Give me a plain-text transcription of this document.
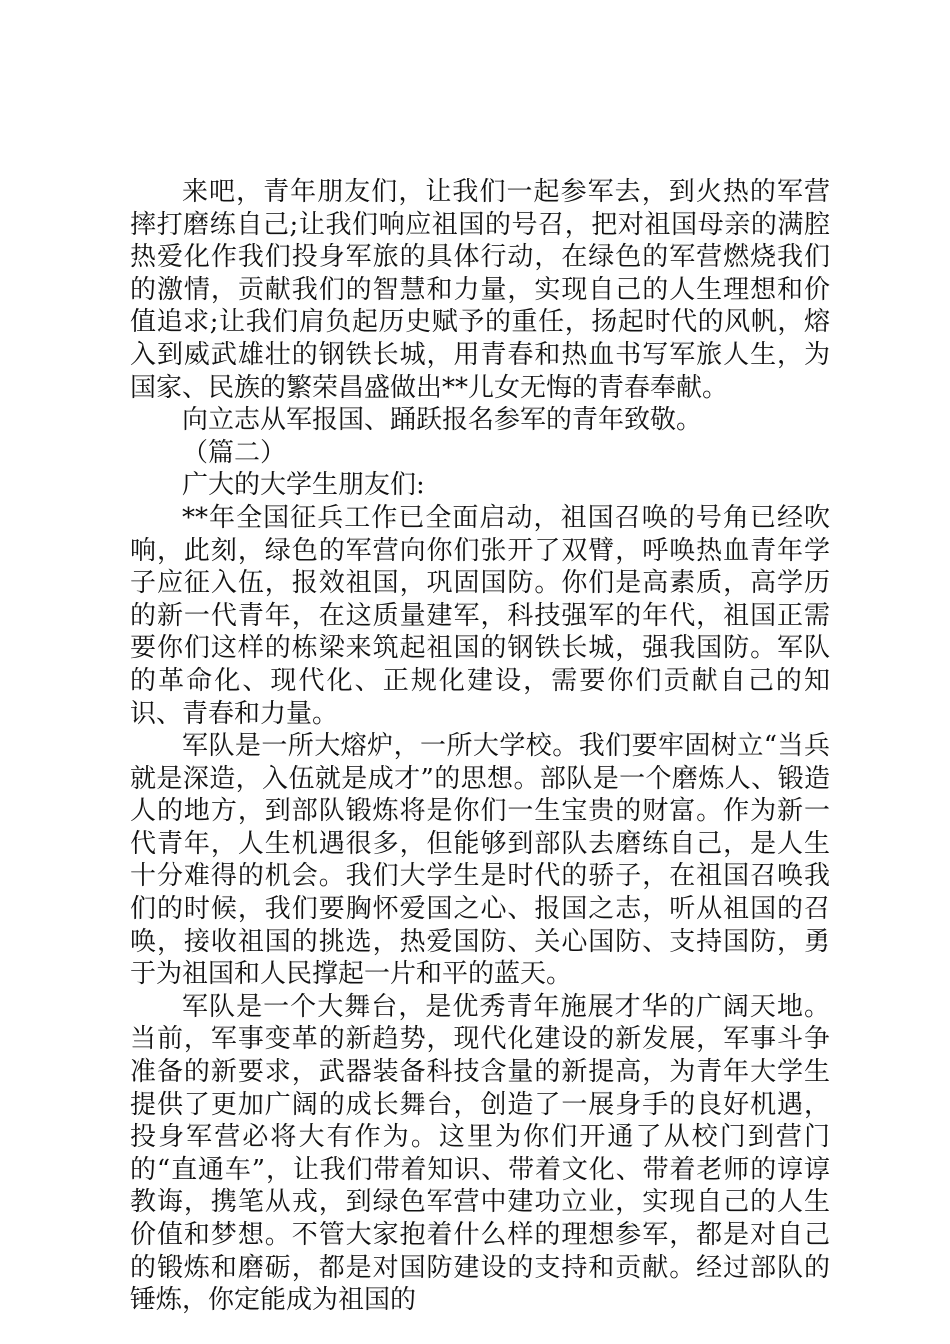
来吧，青年朋友们，让我们一起参军去，到火热的军营摔打磨练自己;让我们响应祖国的号召，把对祖国母亲的满腔热爱化作我们投身军旅的具体行动，在绿色的军营燃烧我们的激情，贡献我们的智慧和力量，实现自己的人生理想和价值追求;让我们肩负起历史赋予的重任，扬起时代的风帆，熔入到威武雄壮的钢铁长城，用青春和热血书写军旅人生，为国家、民族的繁荣昌盛做出**儿女无悔的青春奉献。

向立志从军报国、踊跃报名参军的青年致敬。

（篇二）

广大的大学生朋友们:

**年全国征兵工作已全面启动，祖国召唤的号角已经吹响，此刻，绿色的军营向你们张开了双臂，呼唤热血青年学子应征入伍，报效祖国，巩固国防。你们是高素质，高学历的新一代青年，在这质量建军，科技强军的年代，祖国正需要你们这样的栋梁来筑起祖国的钢铁长城，强我国防。军队的革命化、现代化、正规化建设，需要你们贡献自己的知识、青春和力量。

军队是一所大熔炉，一所大学校。我们要牢固树立“当兵就是深造，入伍就是成才”的思想。部队是一个磨炼人、锻造人的地方，到部队锻炼将是你们一生宝贵的财富。作为新一代青年，人生机遇很多，但能够到部队去磨练自己，是人生十分难得的机会。我们大学生是时代的骄子，在祖国召唤我们的时候，我们要胸怀爱国之心、报国之志，听从祖国的召唤，接收祖国的挑选，热爱国防、关心国防、支持国防，勇于为祖国和人民撑起一片和平的蓝天。

军队是一个大舞台，是优秀青年施展才华的广阔天地。当前，军事变革的新趋势，现代化建设的新发展，军事斗争准备的新要求，武器装备科技含量的新提高，为青年大学生提供了更加广阔的成长舞台，创造了一展身手的良好机遇，投身军营必将大有作为。这里为你们开通了从校门到营门的“直通车”，让我们带着知识、带着文化、带着老师的谆谆教诲，携笔从戎，到绿色军营中建功立业，实现自己的人生价值和梦想。不管大家抱着什么样的理想参军，都是对自己的锻炼和磨砺，都是对国防建设的支持和贡献。经过部队的锤炼，你定能成为祖国的
